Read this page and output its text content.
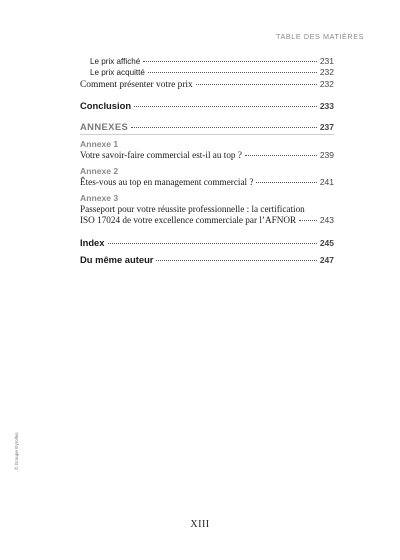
TABLE DES MATIÈRES
Le prix affiché	231
Le prix acquitté	232
Comment présenter votre prix	232
Conclusion	233
ANNEXES	237
Annexe 1
Votre savoir-faire commercial est-il au top ?	239
Annexe 2
Êtes-vous au top en management commercial ?	241
Annexe 3
Passeport pour votre réussite professionnelle : la certification
ISO 17024 de votre excellence commerciale par l’AFNOR	243
Index	245
Du même auteur	247
© Groupe Eyrolles
XIII
